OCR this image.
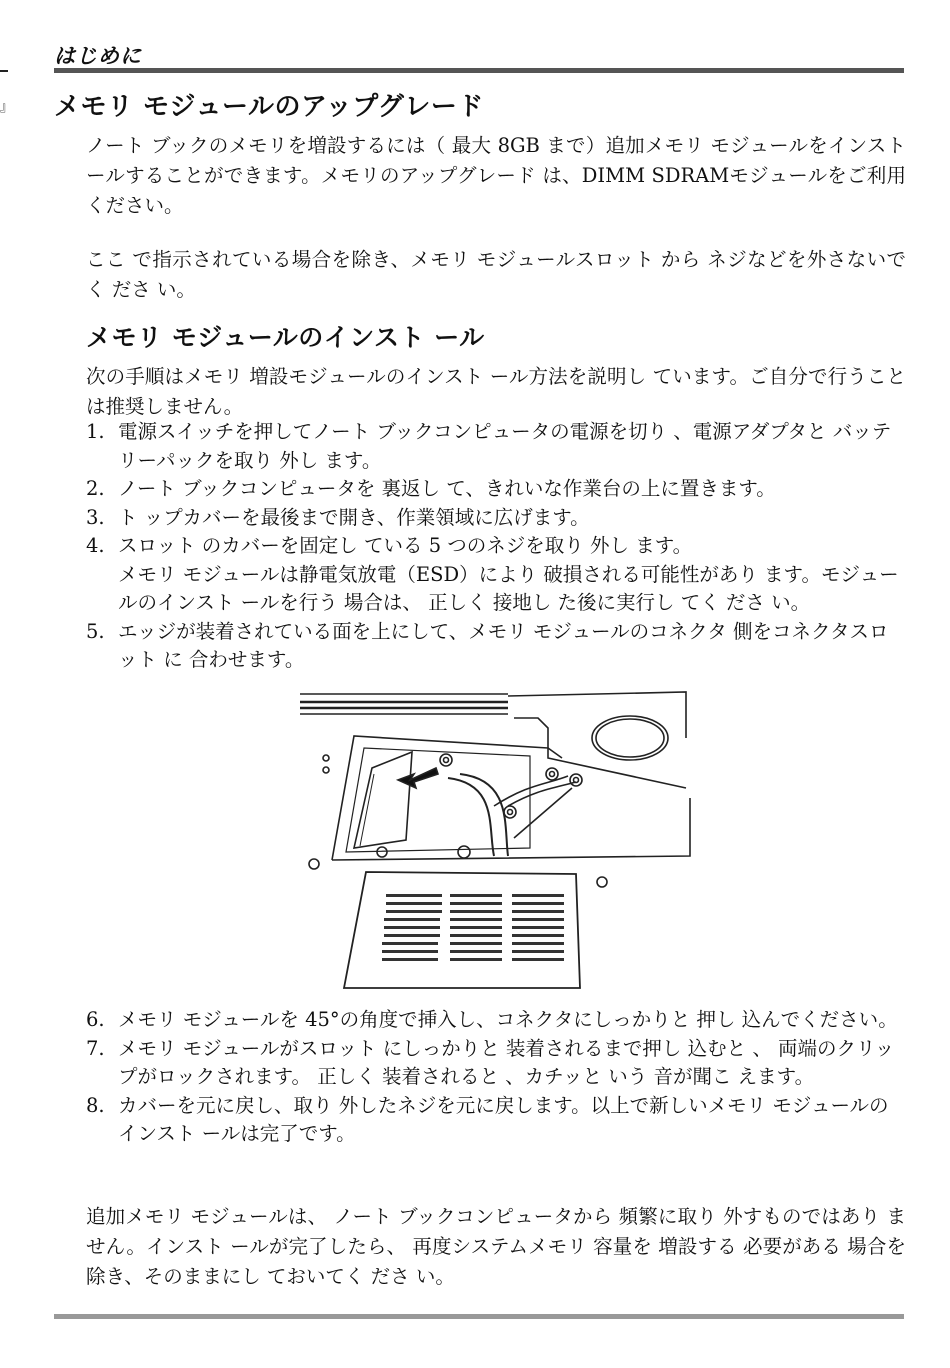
』
はじめに
メモリ モジュールのアップグレード
ノート ブックのメモリを増設するには（ 最大 8GB まで）追加メモリ モジュールをインストールすることができます。メモリのアップグレード は、DIMM SDRAMモジュールをご利用ください。
ここ で指示されている場合を除き、メモリ モジュールスロット から ネジなどを外さないでく ださ い。
メモリ モジュールのインスト ール
次の手順はメモリ 増設モジュールのインスト ール方法を説明し ています。ご自分で行うことは推奨しません。
1. 電源スイッチを押してノート ブックコンピュータの電源を切り 、電源アダプタと バッテリーパックを取り 外し ます。
2. ノート ブックコンピュータを 裏返し て、きれいな作業台の上に置きます。
3. ト ップカバーを最後まで開き、作業領域に広げます。
4. スロット のカバーを固定し ている 5 つのネジを取り 外し ます。
メモリ モジュールは静電気放電（ESD）により 破損される可能性があり ます。モジュールのインスト ールを行う 場合は、 正しく 接地し た後に実行し てく ださ い。
5. エッジが装着されている面を上にして、メモリ モジュールのコネクタ 側をコネクタスロット に 合わせます。
6. メモリ モジュールを 45°の角度で挿入し、コネクタにしっかりと 押し 込んでください。
7. メモリ モジュールがスロット にしっかりと 装着されるまで押し 込むと 、 両端のクリップがロックされます。 正しく 装着されると 、カチッと いう 音が聞こ えます。
8. カバーを元に戻し、取り 外したネジを元に戻します。以上で新しいメモリ モジュールのインスト ールは完了です。
追加メモリ モジュールは、 ノート ブックコンピュータから 頻繁に取り 外すものではあり ません。インスト ールが完了したら、 再度システムメモリ 容量を 増設する 必要がある 場合を除き、そのままにし ておいてく ださ い。
